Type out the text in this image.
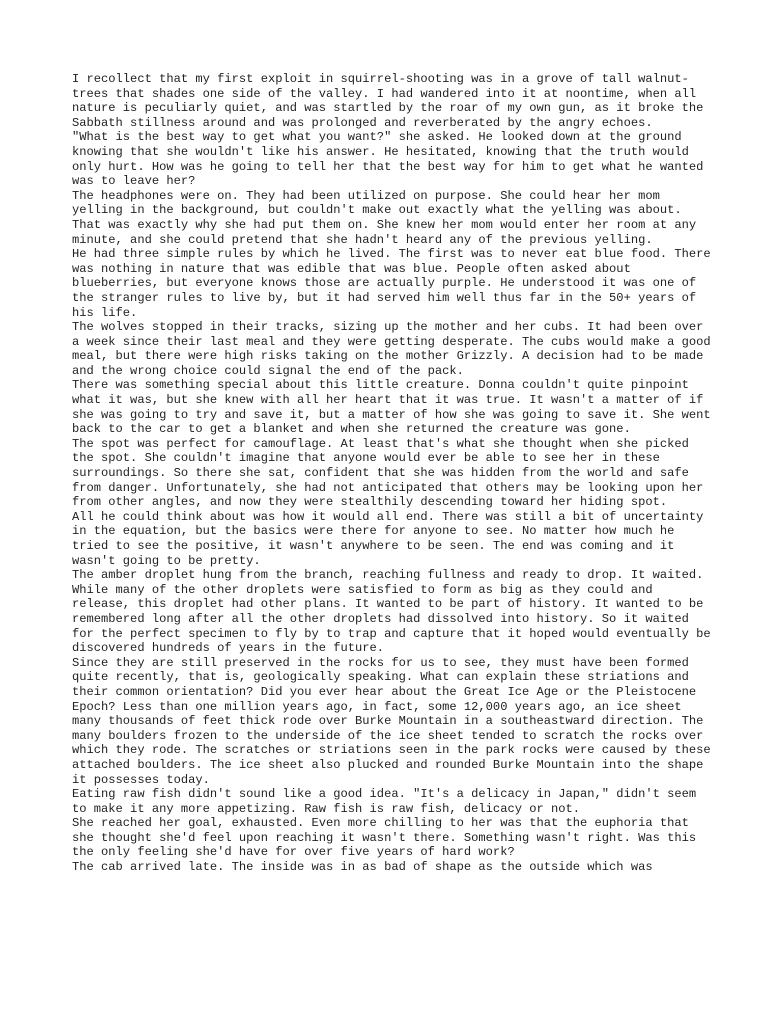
I recollect that my first exploit in squirrel-shooting was in a grove of tall walnut-trees that shades one side of the valley. I had wandered into it at noontime, when all nature is peculiarly quiet, and was startled by the roar of my own gun, as it broke the Sabbath stillness around and was prolonged and reverberated by the angry echoes.

"What is the best way to get what you want?" she asked. He looked down at the ground knowing that she wouldn't like his answer. He hesitated, knowing that the truth would only hurt. How was he going to tell her that the best way for him to get what he wanted was to leave her?

The headphones were on. They had been utilized on purpose. She could hear her mom yelling in the background, but couldn't make out exactly what the yelling was about. That was exactly why she had put them on. She knew her mom would enter her room at any minute, and she could pretend that she hadn't heard any of the previous yelling.

He had three simple rules by which he lived. The first was to never eat blue food. There was nothing in nature that was edible that was blue. People often asked about blueberries, but everyone knows those are actually purple. He understood it was one of the stranger rules to live by, but it had served him well thus far in the 50+ years of his life.

The wolves stopped in their tracks, sizing up the mother and her cubs. It had been over a week since their last meal and they were getting desperate. The cubs would make a good meal, but there were high risks taking on the mother Grizzly. A decision had to be made and the wrong choice could signal the end of the pack.

There was something special about this little creature. Donna couldn't quite pinpoint what it was, but she knew with all her heart that it was true. It wasn't a matter of if she was going to try and save it, but a matter of how she was going to save it. She went back to the car to get a blanket and when she returned the creature was gone.

The spot was perfect for camouflage. At least that's what she thought when she picked the spot. She couldn't imagine that anyone would ever be able to see her in these surroundings. So there she sat, confident that she was hidden from the world and safe from danger. Unfortunately, she had not anticipated that others may be looking upon her from other angles, and now they were stealthily descending toward her hiding spot.

All he could think about was how it would all end. There was still a bit of uncertainty in the equation, but the basics were there for anyone to see. No matter how much he tried to see the positive, it wasn't anywhere to be seen. The end was coming and it wasn't going to be pretty.

The amber droplet hung from the branch, reaching fullness and ready to drop. It waited. While many of the other droplets were satisfied to form as big as they could and release, this droplet had other plans. It wanted to be part of history. It wanted to be remembered long after all the other droplets had dissolved into history. So it waited for the perfect specimen to fly by to trap and capture that it hoped would eventually be discovered hundreds of years in the future.

Since they are still preserved in the rocks for us to see, they must have been formed quite recently, that is, geologically speaking. What can explain these striations and their common orientation? Did you ever hear about the Great Ice Age or the Pleistocene Epoch? Less than one million years ago, in fact, some 12,000 years ago, an ice sheet many thousands of feet thick rode over Burke Mountain in a southeastward direction. The many boulders frozen to the underside of the ice sheet tended to scratch the rocks over which they rode. The scratches or striations seen in the park rocks were caused by these attached boulders. The ice sheet also plucked and rounded Burke Mountain into the shape it possesses today.

Eating raw fish didn't sound like a good idea. "It's a delicacy in Japan," didn't seem to make it any more appetizing. Raw fish is raw fish, delicacy or not.

She reached her goal, exhausted. Even more chilling to her was that the euphoria that she thought she'd feel upon reaching it wasn't there. Something wasn't right. Was this the only feeling she'd have for over five years of hard work?

The cab arrived late. The inside was in as bad of shape as the outside which was
